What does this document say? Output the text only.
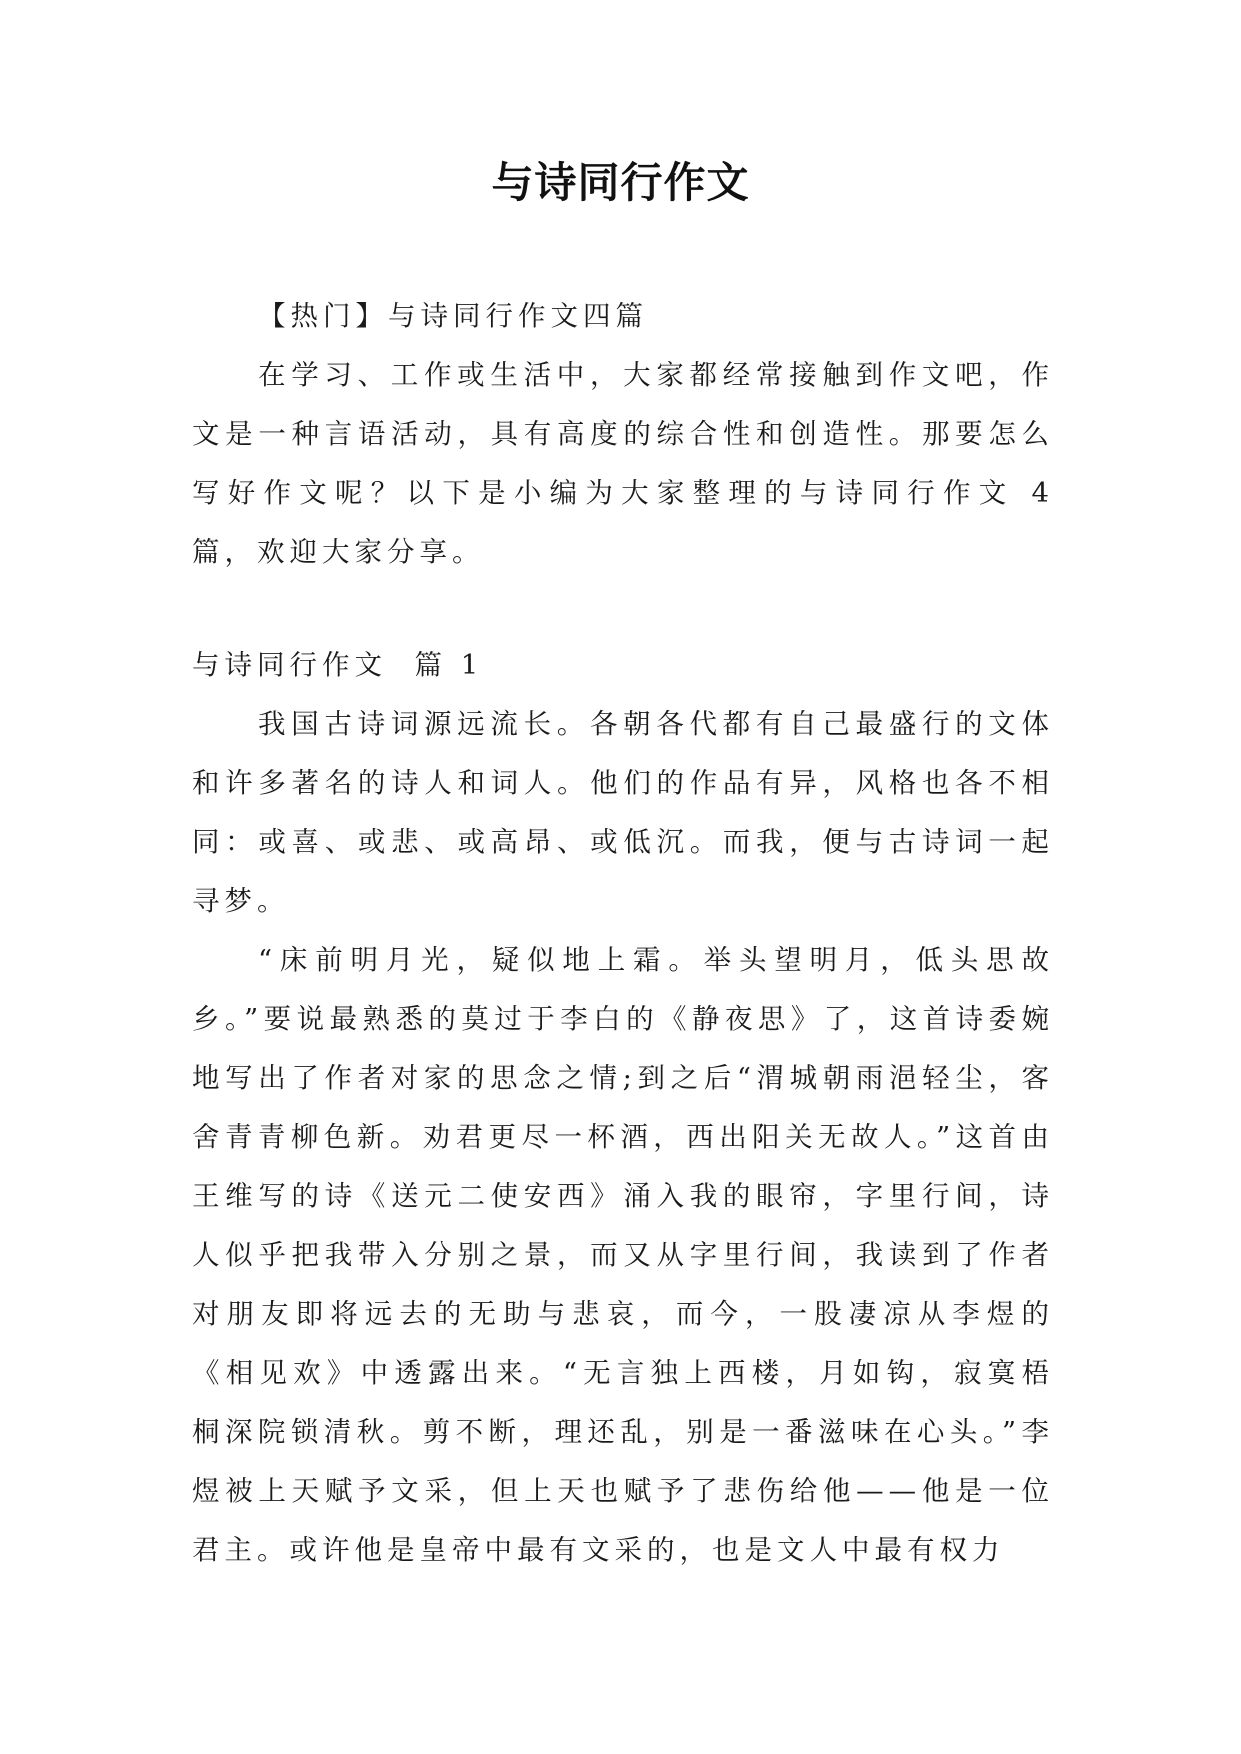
与诗同行作文

【热门】与诗同行作文四篇

在学习、工作或生活中，大家都经常接触到作文吧，作文是一种言语活动，具有高度的综合性和创造性。那要怎么写好作文呢？以下是小编为大家整理的与诗同行作文 4 篇，欢迎大家分享。

与诗同行作文  篇 1

我国古诗词源远流长。各朝各代都有自己最盛行的文体和许多著名的诗人和词人。他们的作品有异，风格也各不相同：或喜、或悲、或高昂、或低沉。而我，便与古诗词一起寻梦。

“床前明月光，疑似地上霜。举头望明月，低头思故乡。”要说最熟悉的莫过于李白的《静夜思》了，这首诗委婉地写出了作者对家的思念之情;到之后“渭城朝雨浥轻尘，客舍青青柳色新。劝君更尽一杯酒，西出阳关无故人。”这首由王维写的诗《送元二使安西》涌入我的眼帘，字里行间，诗人似乎把我带入分别之景，而又从字里行间，我读到了作者对朋友即将远去的无助与悲哀，而今，一股凄凉从李煜的《相见欢》中透露出来。“无言独上西楼，月如钩，寂寞梧桐深院锁清秋。剪不断，理还乱，别是一番滋味在心头。”李煜被上天赋予文采，但上天也赋予了悲伤给他——他是一位君主。或许他是皇帝中最有文采的，也是文人中最有权力
